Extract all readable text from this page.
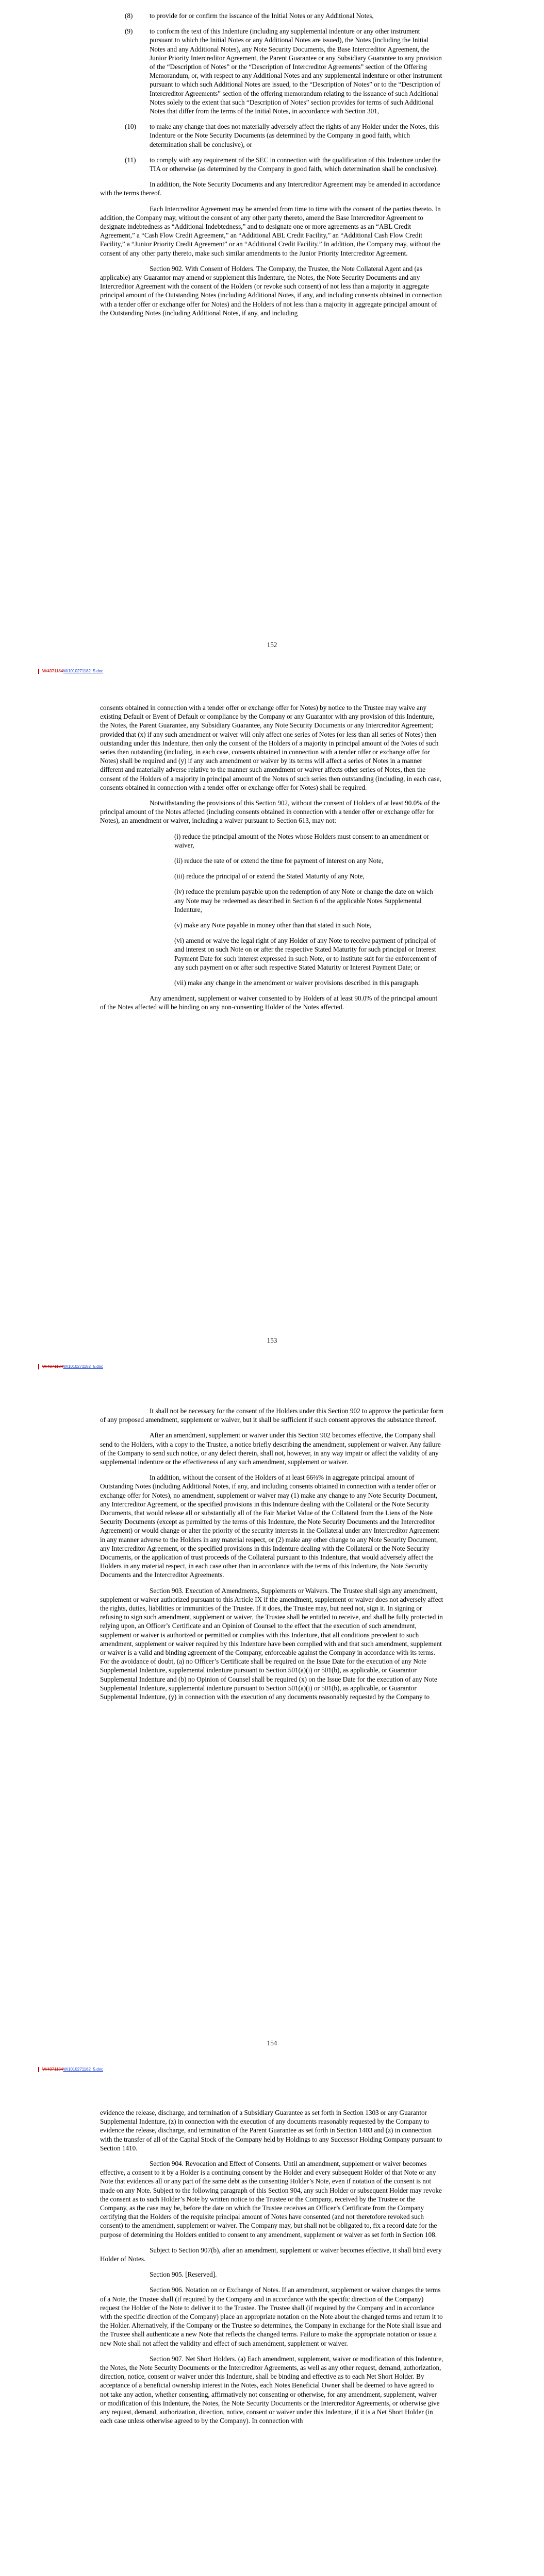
(8) to provide for or confirm the issuance of the Initial Notes or any Additional Notes,

(9) to conform the text of this Indenture (including any supplemental indenture or any other instrument pursuant to which the Initial Notes or any Additional Notes are issued), the Notes (including the Initial Notes and any Additional Notes), any Note Security Documents, the Base Intercreditor Agreement, the Junior Priority Intercreditor Agreement, the Parent Guarantee or any Subsidiary Guarantee to any provision of the “Description of Notes” or the “Description of Intercreditor Agreements” section of the Offering Memorandum, or, with respect to any Additional Notes and any supplemental indenture or other instrument pursuant to which such Additional Notes are issued, to the “Description of Notes” or to the “Description of Intercreditor Agreements” section of the offering memorandum relating to the issuance of such Additional Notes solely to the extent that such “Description of Notes” section provides for terms of such Additional Notes that differ from the terms of the Initial Notes, in accordance with Section 301,

(10) to make any change that does not materially adversely affect the rights of any Holder under the Notes, this Indenture or the Note Security Documents (as determined by the Company in good faith, which determination shall be conclusive), or

(11) to comply with any requirement of the SEC in connection with the qualification of this Indenture under the TIA or otherwise (as determined by the Company in good faith, which determination shall be conclusive).

In addition, the Note Security Documents and any Intercreditor Agreement may be amended in accordance with the terms thereof.

Each Intercreditor Agreement may be amended from time to time with the consent of the parties thereto. In addition, the Company may, without the consent of any other party thereto, amend the Base Intercreditor Agreement to designate indebtedness as “Additional Indebtedness,” and to designate one or more agreements as an “ABL Credit Agreement,” a “Cash Flow Credit Agreement,” an “Additional ABL Credit Facility,” an “Additional Cash Flow Credit Facility,” a “Junior Priority Credit Agreement” or an “Additional Credit Facility.” In addition, the Company may, without the consent of any other party thereto, make such similar amendments to the Junior Priority Intercreditor Agreement.

Section 902. With Consent of Holders. The Company, the Trustee, the Note Collateral Agent and (as applicable) any Guarantor may amend or supplement this Indenture, the Notes, the Note Security Documents and any Intercreditor Agreement with the consent of the Holders (or revoke such consent) of not less than a majority in aggregate principal amount of the Outstanding Notes (including Additional Notes, if any, and including consents obtained in connection with a tender offer or exchange offer for Notes) and the Holders of not less than a majority in aggregate principal amount of the Outstanding Notes (including Additional Notes, if any, and including

152
W/4971184W/1010271182_5.doc

consents obtained in connection with a tender offer or exchange offer for Notes) by notice to the Trustee may waive any existing Default or Event of Default or compliance by the Company or any Guarantor with any provision of this Indenture, the Notes, the Parent Guarantee, any Subsidiary Guarantee, any Note Security Documents or any Intercreditor Agreement; provided that (x) if any such amendment or waiver will only affect one series of Notes (or less than all series of Notes) then outstanding under this Indenture, then only the consent of the Holders of a majority in principal amount of the Notes of such series then outstanding (including, in each case, consents obtained in connection with a tender offer or exchange offer for Notes) shall be required and (y) if any such amendment or waiver by its terms will affect a series of Notes in a manner different and materially adverse relative to the manner such amendment or waiver affects other series of Notes, then the consent of the Holders of a majority in principal amount of the Notes of such series then outstanding (including, in each case, consents obtained in connection with a tender offer or exchange offer for Notes) shall be required.

Notwithstanding the provisions of this Section 902, without the consent of Holders of at least 90.0% of the principal amount of the Notes affected (including consents obtained in connection with a tender offer or exchange offer for Notes), an amendment or waiver, including a waiver pursuant to Section 613, may not:

(i) reduce the principal amount of the Notes whose Holders must consent to an amendment or waiver,

(ii) reduce the rate of or extend the time for payment of interest on any Note,

(iii) reduce the principal of or extend the Stated Maturity of any Note,

(iv) reduce the premium payable upon the redemption of any Note or change the date on which any Note may be redeemed as described in Section 6 of the applicable Notes Supplemental Indenture,

(v) make any Note payable in money other than that stated in such Note,

(vi) amend or waive the legal right of any Holder of any Note to receive payment of principal of and interest on such Note on or after the respective Stated Maturity for such principal or Interest Payment Date for such interest expressed in such Note, or to institute suit for the enforcement of any such payment on or after such respective Stated Maturity or Interest Payment Date; or

(vii) make any change in the amendment or waiver provisions described in this paragraph.

Any amendment, supplement or waiver consented to by Holders of at least 90.0% of the principal amount of the Notes affected will be binding on any non-consenting Holder of the Notes affected.

153
W/4971184W/1010271182_5.doc

It shall not be necessary for the consent of the Holders under this Section 902 to approve the particular form of any proposed amendment, supplement or waiver, but it shall be sufficient if such consent approves the substance thereof.

After an amendment, supplement or waiver under this Section 902 becomes effective, the Company shall send to the Holders, with a copy to the Trustee, a notice briefly describing the amendment, supplement or waiver. Any failure of the Company to send such notice, or any defect therein, shall not, however, in any way impair or affect the validity of any supplemental indenture or the effectiveness of any such amendment, supplement or waiver.

In addition, without the consent of the Holders of at least 66⅔% in aggregate principal amount of Outstanding Notes (including Additional Notes, if any, and including consents obtained in connection with a tender offer or exchange offer for Notes), no amendment, supplement or waiver may (1) make any change to any Note Security Document, any Intercreditor Agreement, or the specified provisions in this Indenture dealing with the Collateral or the Note Security Documents, that would release all or substantially all of the Fair Market Value of the Collateral from the Liens of the Note Security Documents (except as permitted by the terms of this Indenture, the Note Security Documents and the Intercreditor Agreement) or would change or alter the priority of the security interests in the Collateral under any Intercreditor Agreement in any manner adverse to the Holders in any material respect, or (2) make any other change to any Note Security Document, any Intercreditor Agreement, or the specified provisions in this Indenture dealing with the Collateral or the Note Security Documents, or the application of trust proceeds of the Collateral pursuant to this Indenture, that would adversely affect the Holders in any material respect, in each case other than in accordance with the terms of this Indenture, the Note Security Documents and the Intercreditor Agreements.

Section 903. Execution of Amendments, Supplements or Waivers. The Trustee shall sign any amendment, supplement or waiver authorized pursuant to this Article IX if the amendment, supplement or waiver does not adversely affect the rights, duties, liabilities or immunities of the Trustee. If it does, the Trustee may, but need not, sign it. In signing or refusing to sign such amendment, supplement or waiver, the Trustee shall be entitled to receive, and shall be fully protected in relying upon, an Officer’s Certificate and an Opinion of Counsel to the effect that the execution of such amendment, supplement or waiver is authorized or permitted or complies with this Indenture, that all conditions precedent to such amendment, supplement or waiver required by this Indenture have been complied with and that such amendment, supplement or waiver is a valid and binding agreement of the Company, enforceable against the Company in accordance with its terms. For the avoidance of doubt, (a) no Officer’s Certificate shall be required on the Issue Date for the execution of any Note Supplemental Indenture, supplemental indenture pursuant to Section 501(a)(i) or 501(b), as applicable, or Guarantor Supplemental Indenture and (b) no Opinion of Counsel shall be required (x) on the Issue Date for the execution of any Note Supplemental Indenture, supplemental indenture pursuant to Section 501(a)(i) or 501(b), as applicable, or Guarantor Supplemental Indenture, (y) in connection with the execution of any documents reasonably requested by the Company to

154
W/4971184W/1010271182_5.doc

evidence the release, discharge, and termination of a Subsidiary Guarantee as set forth in Section 1303 or any Guarantor Supplemental Indenture, (z) in connection with the execution of any documents reasonably requested by the Company to evidence the release, discharge, and termination of the Parent Guarantee as set forth in Section 1403 and (z) in connection with the transfer of all of the Capital Stock of the Company held by Holdings to any Successor Holding Company pursuant to Section 1410.

Section 904. Revocation and Effect of Consents. Until an amendment, supplement or waiver becomes effective, a consent to it by a Holder is a continuing consent by the Holder and every subsequent Holder of that Note or any Note that evidences all or any part of the same debt as the consenting Holder’s Note, even if notation of the consent is not made on any Note. Subject to the following paragraph of this Section 904, any such Holder or subsequent Holder may revoke the consent as to such Holder’s Note by written notice to the Trustee or the Company, received by the Trustee or the Company, as the case may be, before the date on which the Trustee receives an Officer’s Certificate from the Company certifying that the Holders of the requisite principal amount of Notes have consented (and not theretofore revoked such consent) to the amendment, supplement or waiver. The Company may, but shall not be obligated to, fix a record date for the purpose of determining the Holders entitled to consent to any amendment, supplement or waiver as set forth in Section 108.

Subject to Section 907(b), after an amendment, supplement or waiver becomes effective, it shall bind every Holder of Notes.

Section 905. [Reserved].

Section 906. Notation on or Exchange of Notes. If an amendment, supplement or waiver changes the terms of a Note, the Trustee shall (if required by the Company and in accordance with the specific direction of the Company) request the Holder of the Note to deliver it to the Trustee. The Trustee shall (if required by the Company and in accordance with the specific direction of the Company) place an appropriate notation on the Note about the changed terms and return it to the Holder. Alternatively, if the Company or the Trustee so determines, the Company in exchange for the Note shall issue and the Trustee shall authenticate a new Note that reflects the changed terms. Failure to make the appropriate notation or issue a new Note shall not affect the validity and effect of such amendment, supplement or waiver.

Section 907. Net Short Holders. (a) Each amendment, supplement, waiver or modification of this Indenture, the Notes, the Note Security Documents or the Intercreditor Agreements, as well as any other request, demand, authorization, direction, notice, consent or waiver under this Indenture, shall be binding and effective as to each Net Short Holder. By acceptance of a beneficial ownership interest in the Notes, each Notes Beneficial Owner shall be deemed to have agreed to not take any action, whether consenting, affirmatively not consenting or otherwise, for any amendment, supplement, waiver or modification of this Indenture, the Notes, the Note Security Documents or the Intercreditor Agreements, or otherwise give any request, demand, authorization, direction, notice, consent or waiver under this Indenture, if it is a Net Short Holder (in each case unless otherwise agreed to by the Company). In connection with
